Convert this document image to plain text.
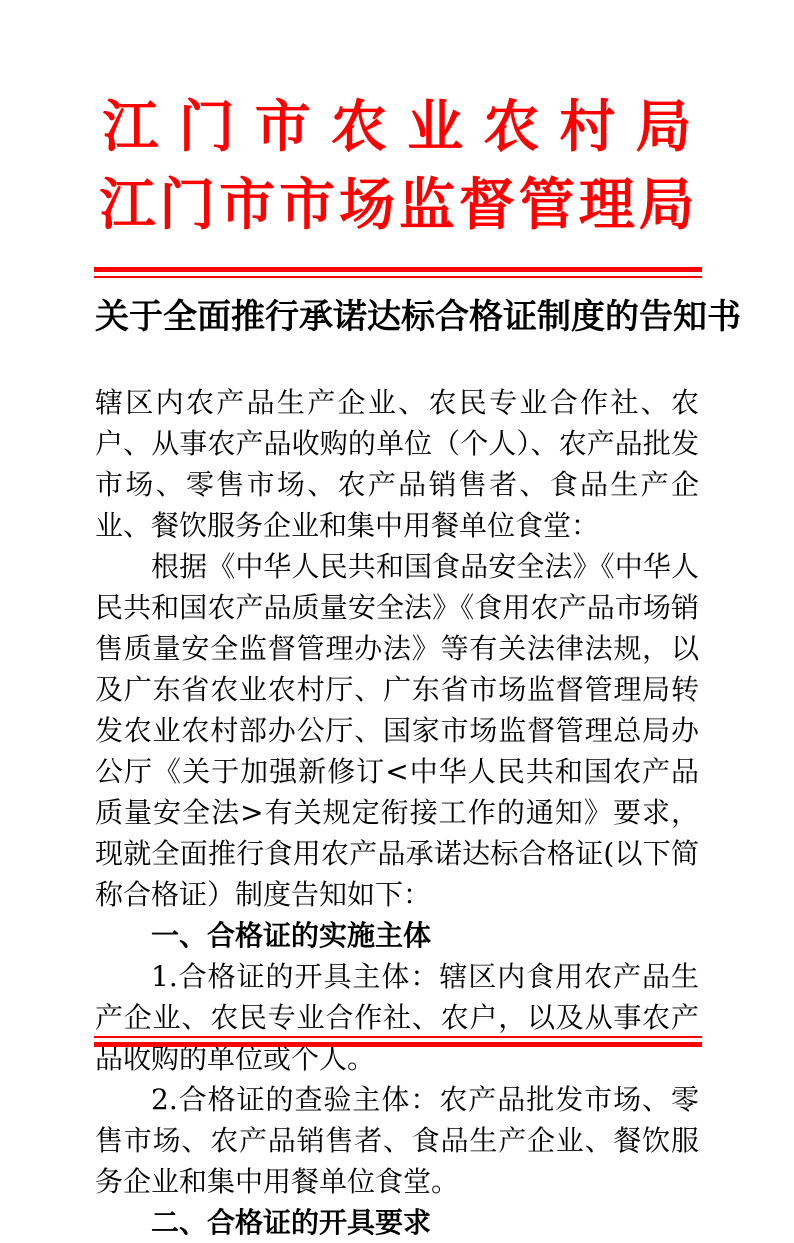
江门市农业农村局
江门市市场监督管理局
关于全面推行承诺达标合格证制度的告知书

辖区内农产品生产企业、农民专业合作社、农户、从事农产品收购的单位（个人）、农产品批发市场、零售市场、农产品销售者、食品生产企业、餐饮服务企业和集中用餐单位食堂：

根据《中华人民共和国食品安全法》《中华人民共和国农产品质量安全法》《食用农产品市场销售质量安全监督管理办法》等有关法律法规，以及广东省农业农村厅、广东省市场监督管理局转发农业农村部办公厅、国家市场监督管理总局办公厅《关于加强新修订<中华人民共和国农产品质量安全法>有关规定衔接工作的通知》要求，现就全面推行食用农产品承诺达标合格证(以下简称合格证）制度告知如下：

一、合格证的实施主体

1.合格证的开具主体：辖区内食用农产品生产企业、农民专业合作社、农户，以及从事农产品收购的单位或个人。

2.合格证的查验主体：农产品批发市场、零售市场、农产品销售者、食品生产企业、餐饮服务企业和集中用餐单位食堂。

二、合格证的开具要求
